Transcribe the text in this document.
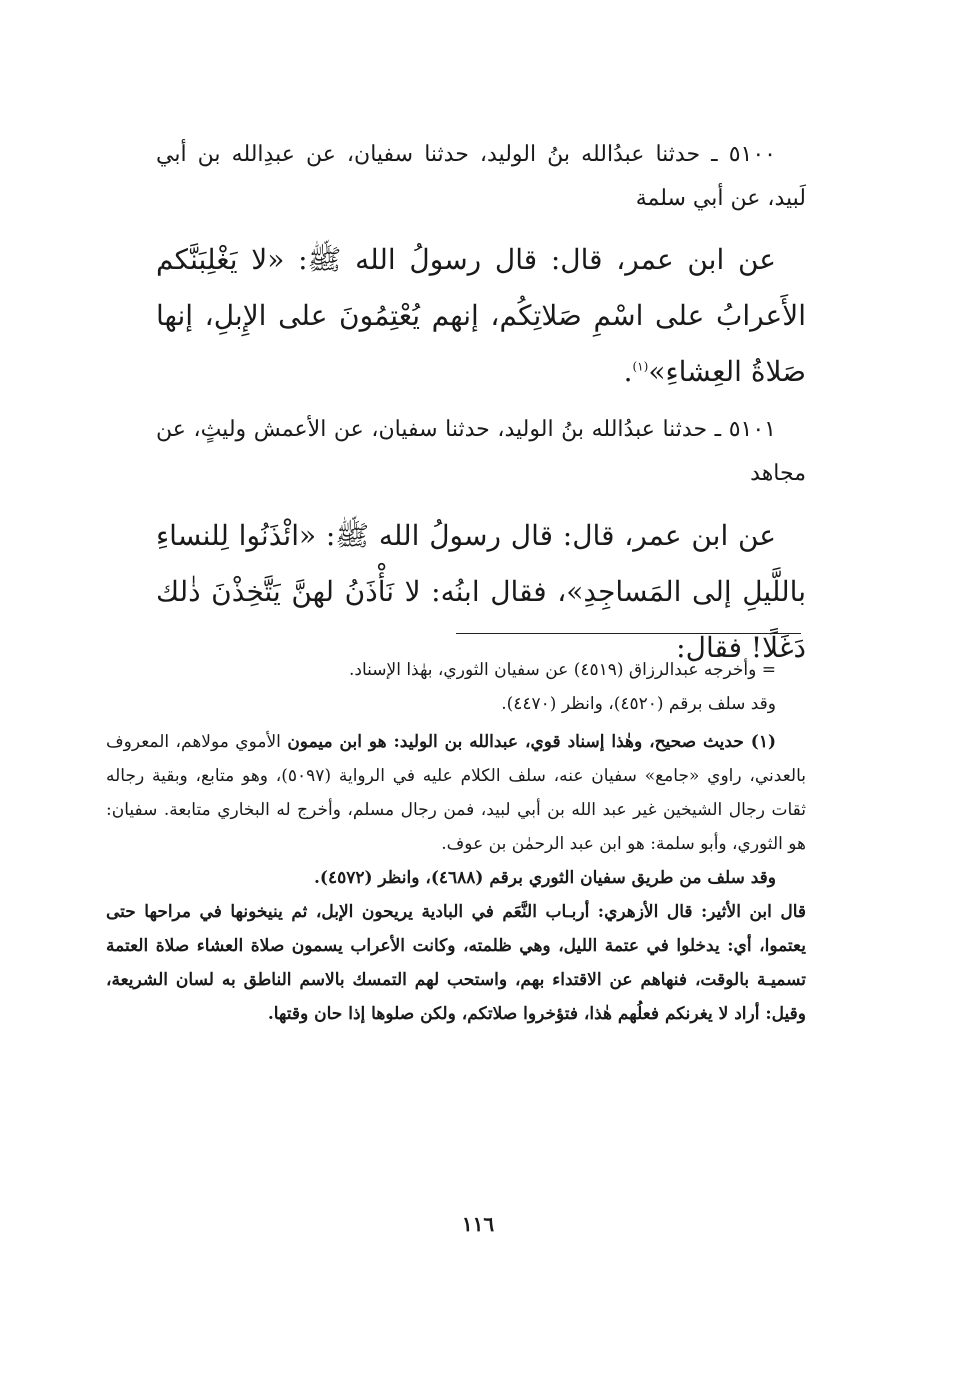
٥١٠٠ ـ حدثنا عبدُالله بنُ الوليد، حدثنا سفيان، عن عبدِالله بن أبي لَبيد، عن أبي سلمة

عن ابن عمر، قال: قال رسولُ الله ﷺ: «لا يَغْلِبَنَّكم الأَعرابُ على اسْمِ صَلاتِكُم، إنهم يُعْتِمُونَ على الإِبلِ، إنها صَلاةُ العِشاءِ»$^{(١)}$.

٥١٠١ ـ حدثنا عبدُالله بنُ الوليد، حدثنا سفيان، عن الأعمش وليثٍ، عن مجاهد

عن ابن عمر، قال: قال رسولُ الله ﷺ: «ائْذَنُوا لِلنساءِ باللَّيلِ إلى المَساجِدِ»، فقال ابنُه: لا نَأْذَنُ لهنَّ يَتَّخِذْنَ ذٰلك دَغَلًا! فقال:

= وأخرجه عبدالرزاق (٤٥١٩) عن سفيان الثوري، بهٰذا الإسناد.

وقد سلف برقم (٤٥٢٠)، وانظر (٤٤٧٠).

(١) حديث صحيح، وهٰذا إسناد قوي، عبدالله بن الوليد: هو ابن ميمون الأموي مولاهم، المعروف بالعدني، راوي «جامع» سفيان عنه، سلف الكلام عليه في الرواية (٥٠٩٧)، وهو متابع، وبقية رجاله ثقات رجال الشيخين غير عبد الله بن أبي لبيد، فمن رجال مسلم، وأخرج له البخاري متابعة. سفيان: هو الثوري، وأبو سلمة: هو ابن عبد الرحمٰن بن عوف.

وقد سلف من طريق سفيان الثوري برقم (٤٦٨٨)، وانظر (٤٥٧٢).

قال ابن الأثير: قال الأزهري: أربـاب النَّعَم في البادية يريحون الإبل، ثم ينيخونها في مراحها حتى يعتموا، أي: يدخلوا في عتمة الليل، وهي ظلمته، وكانت الأعراب يسمون صلاة العشاء صلاة العتمة تسميـة بالوقت، فنهاهم عن الاقتداء بهم، واستحب لهم التمسك بالاسم الناطق به لسان الشريعة، وقيل: أراد لا يغرنكم فعلُهم هٰذا، فتؤخروا صلاتكم، ولكن صلوها إذا حان وقتها.

١١٦
